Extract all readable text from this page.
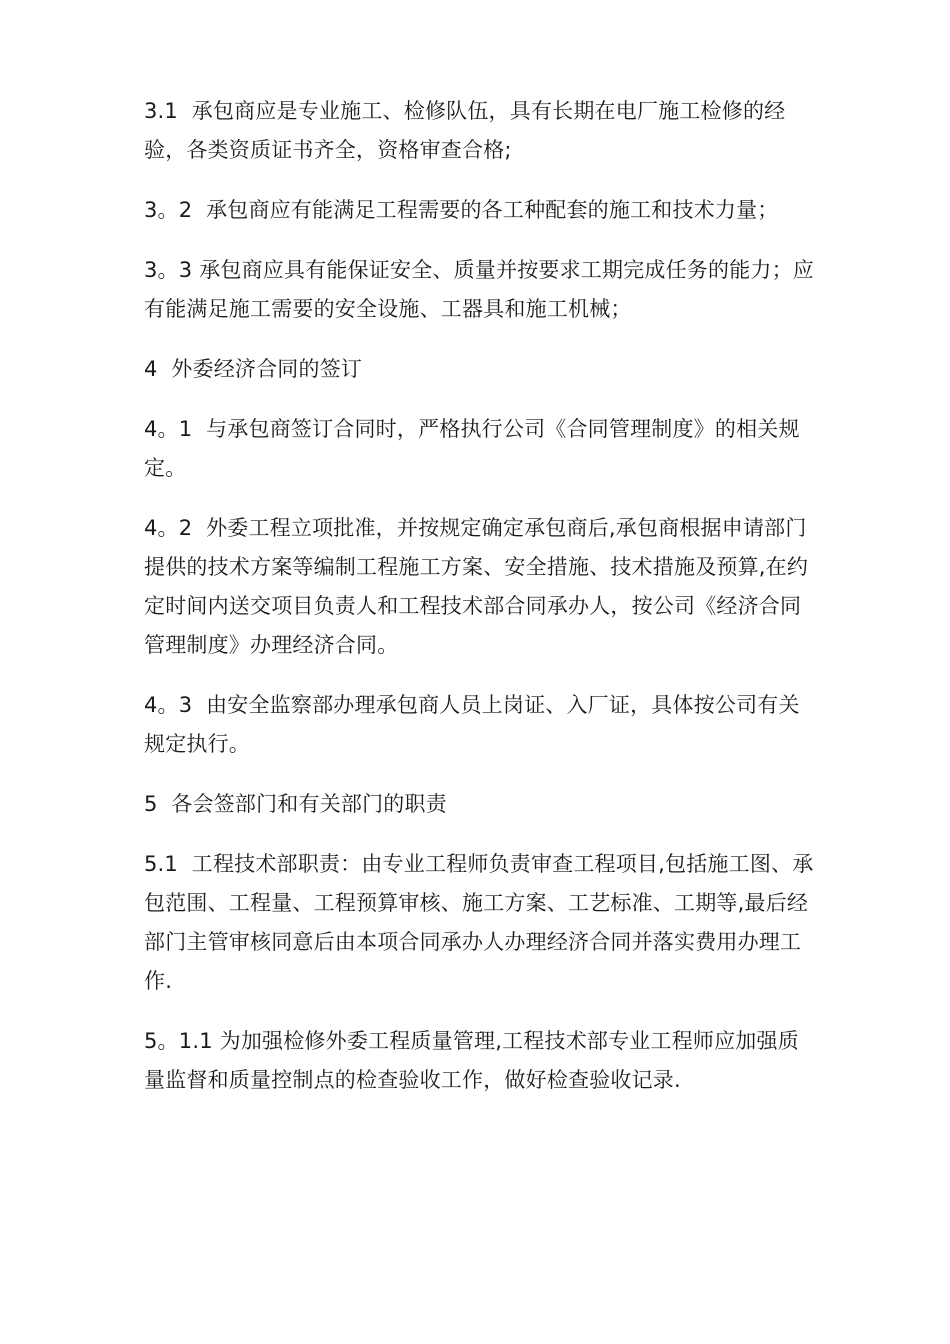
3.1  承包商应是专业施工、检修队伍，具有长期在电厂施工检修的经验，各类资质证书齐全，资格审查合格;

3。2  承包商应有能满足工程需要的各工种配套的施工和技术力量；

3。3 承包商应具有能保证安全、质量并按要求工期完成任务的能力；应有能满足施工需要的安全设施、工器具和施工机械；

4  外委经济合同的签订

4。1  与承包商签订合同时，严格执行公司《合同管理制度》的相关规定。

4。2  外委工程立项批准，并按规定确定承包商后,承包商根据申请部门提供的技术方案等编制工程施工方案、安全措施、技术措施及预算,在约定时间内送交项目负责人和工程技术部合同承办人，按公司《经济合同管理制度》办理经济合同。

4。3  由安全监察部办理承包商人员上岗证、入厂证，具体按公司有关规定执行。

5  各会签部门和有关部门的职责

5.1  工程技术部职责：由专业工程师负责审查工程项目,包括施工图、承包范围、工程量、工程预算审核、施工方案、工艺标准、工期等,最后经部门主管审核同意后由本项合同承办人办理经济合同并落实费用办理工作.

5。1.1 为加强检修外委工程质量管理,工程技术部专业工程师应加强质量监督和质量控制点的检查验收工作，做好检查验收记录.
